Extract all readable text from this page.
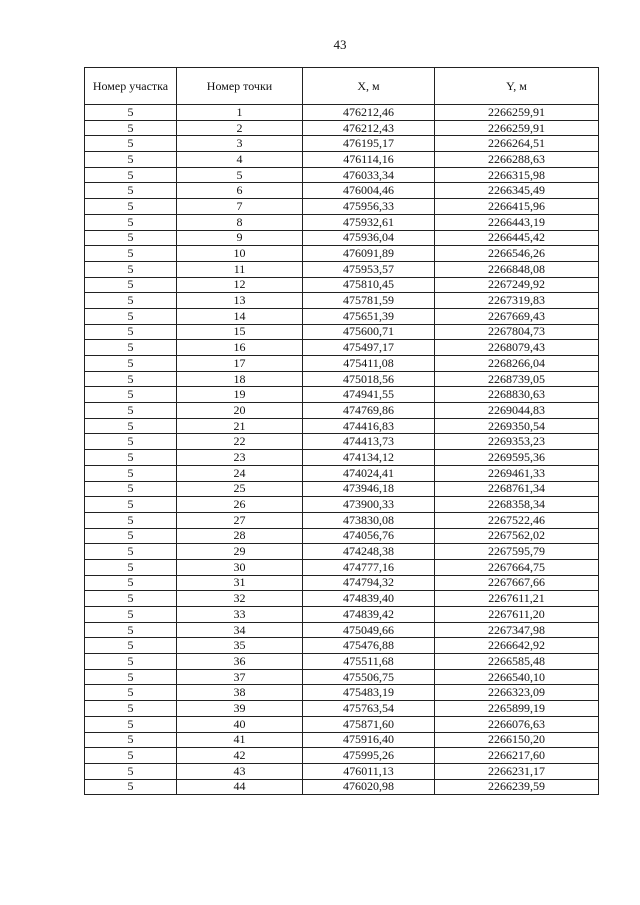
43
Номер участка	Номер точки	X, м	Y, м
5	1	476212,46	2266259,91
5	2	476212,43	2266259,91
5	3	476195,17	2266264,51
5	4	476114,16	2266288,63
5	5	476033,34	2266315,98
5	6	476004,46	2266345,49
5	7	475956,33	2266415,96
5	8	475932,61	2266443,19
5	9	475936,04	2266445,42
5	10	476091,89	2266546,26
5	11	475953,57	2266848,08
5	12	475810,45	2267249,92
5	13	475781,59	2267319,83
5	14	475651,39	2267669,43
5	15	475600,71	2267804,73
5	16	475497,17	2268079,43
5	17	475411,08	2268266,04
5	18	475018,56	2268739,05
5	19	474941,55	2268830,63
5	20	474769,86	2269044,83
5	21	474416,83	2269350,54
5	22	474413,73	2269353,23
5	23	474134,12	2269595,36
5	24	474024,41	2269461,33
5	25	473946,18	2268761,34
5	26	473900,33	2268358,34
5	27	473830,08	2267522,46
5	28	474056,76	2267562,02
5	29	474248,38	2267595,79
5	30	474777,16	2267664,75
5	31	474794,32	2267667,66
5	32	474839,40	2267611,21
5	33	474839,42	2267611,20
5	34	475049,66	2267347,98
5	35	475476,88	2266642,92
5	36	475511,68	2266585,48
5	37	475506,75	2266540,10
5	38	475483,19	2266323,09
5	39	475763,54	2265899,19
5	40	475871,60	2266076,63
5	41	475916,40	2266150,20
5	42	475995,26	2266217,60
5	43	476011,13	2266231,17
5	44	476020,98	2266239,59
